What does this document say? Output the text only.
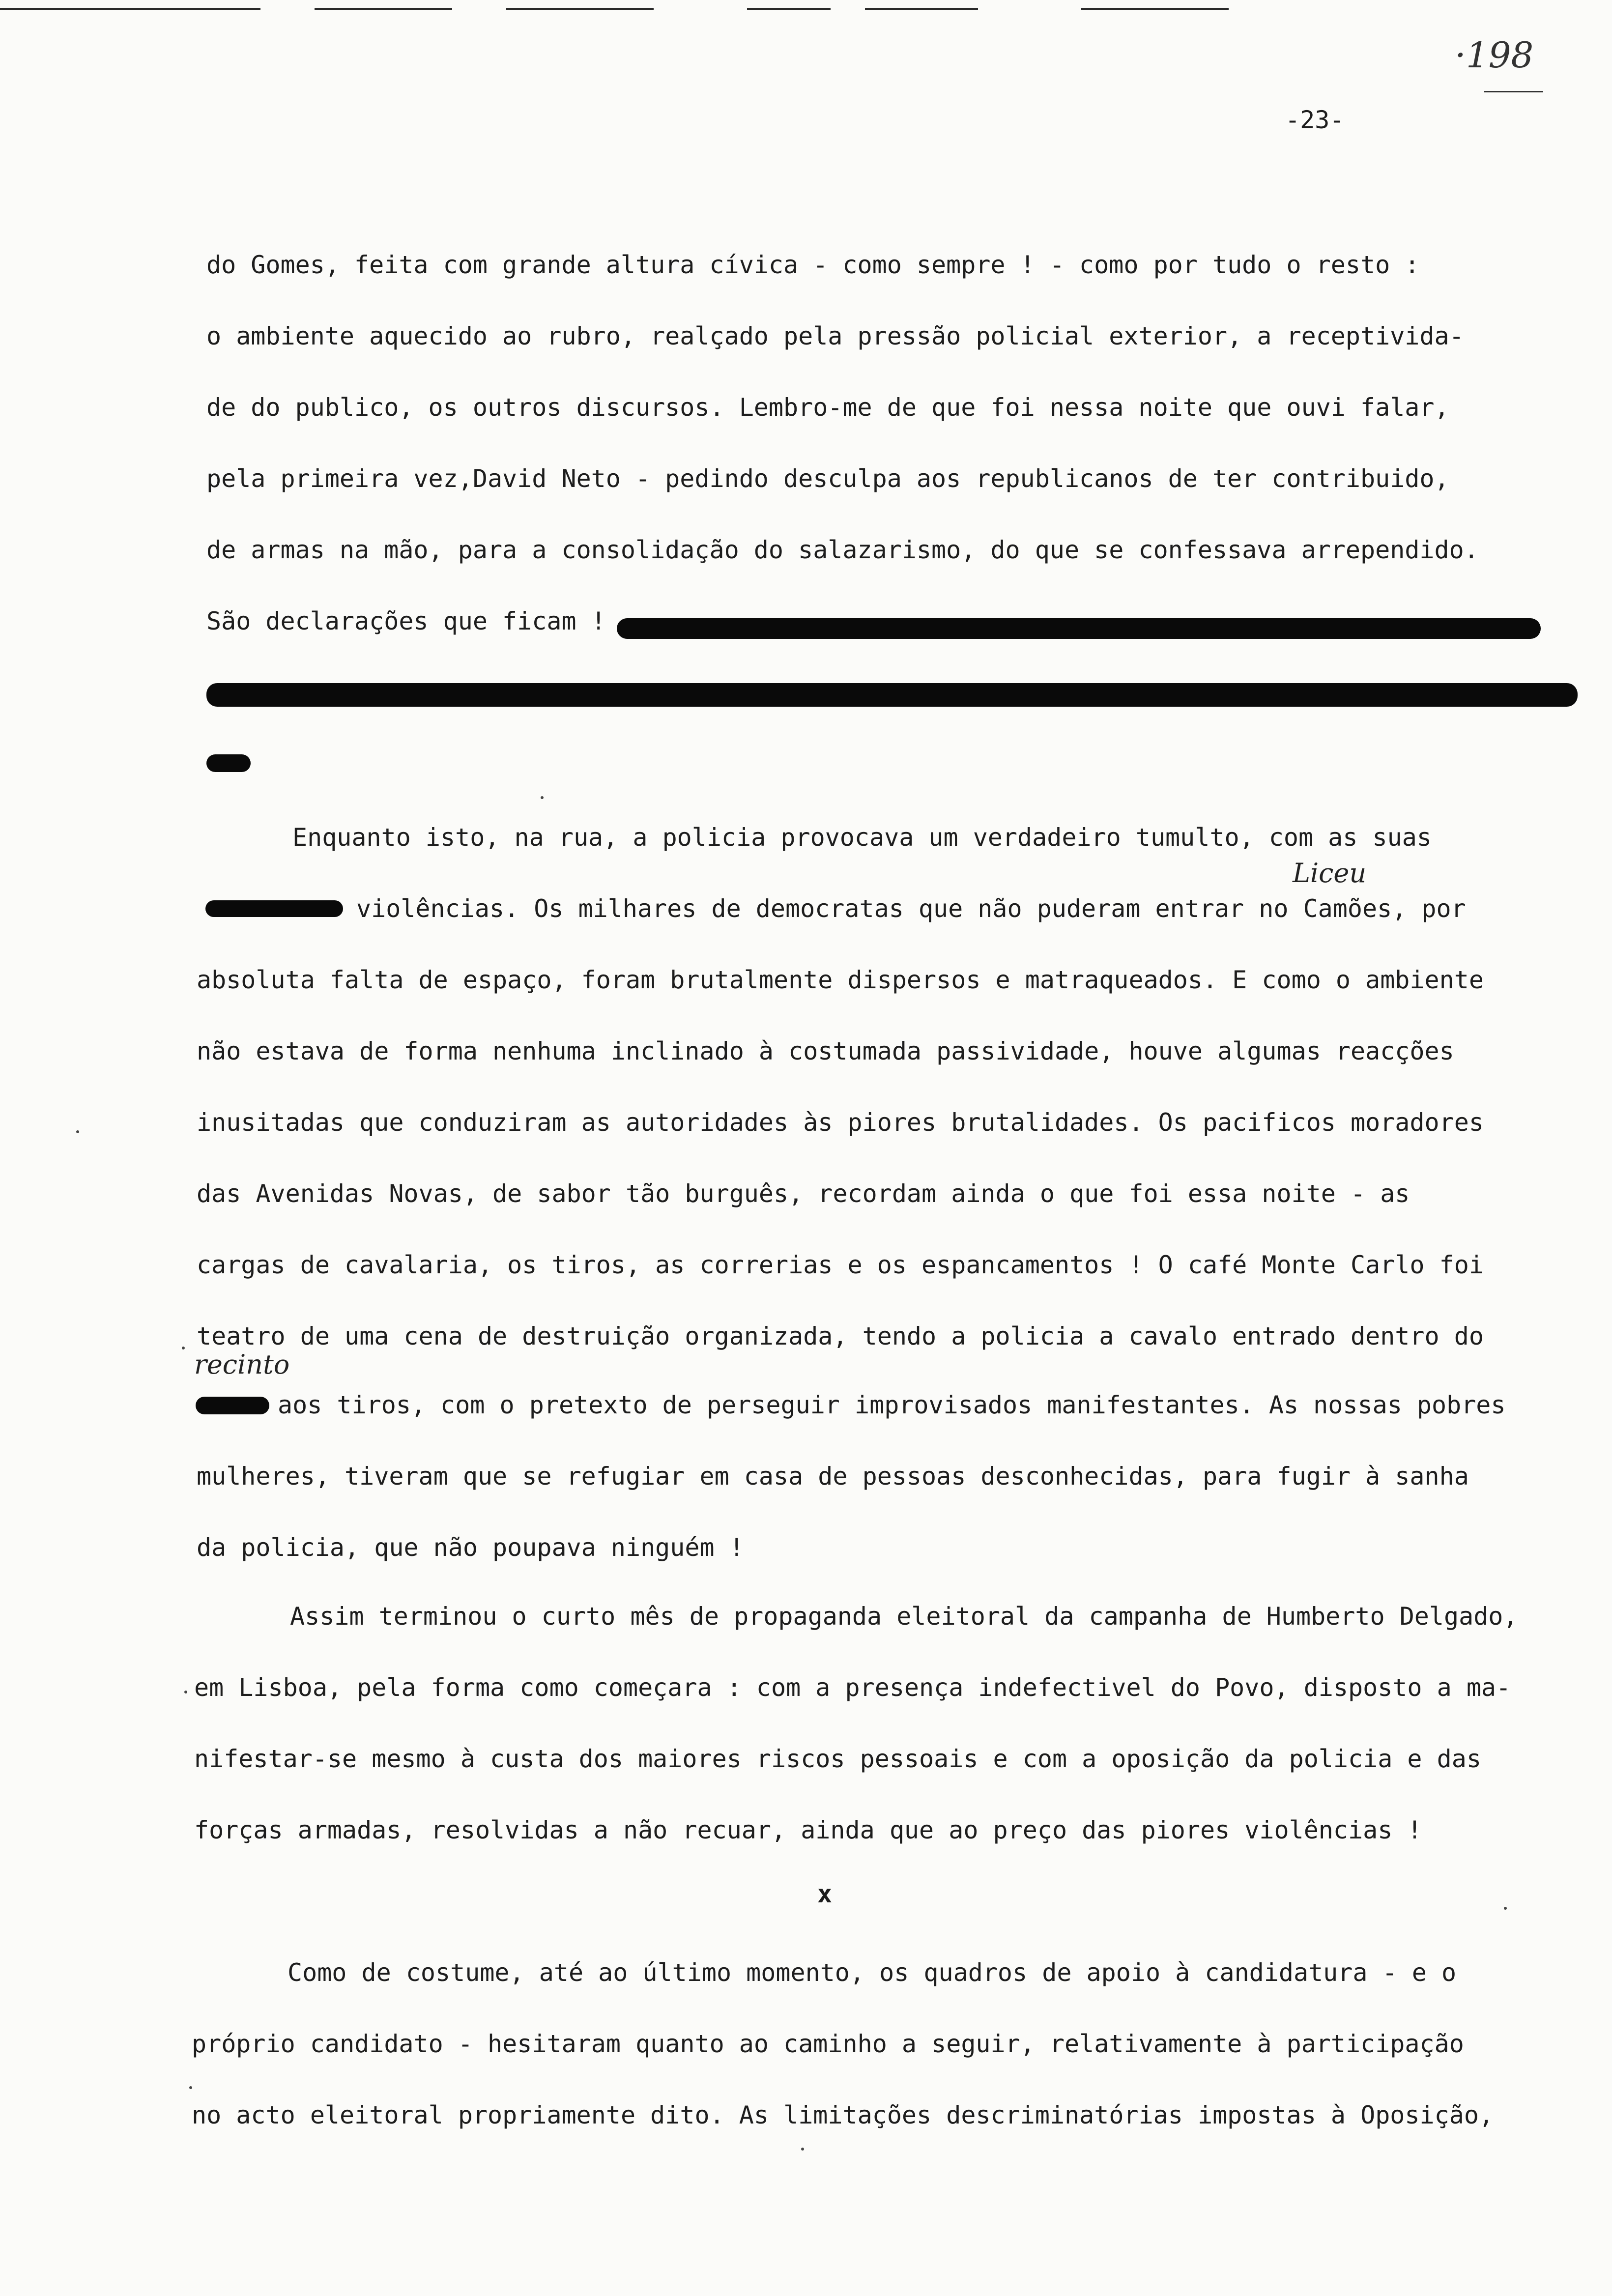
·198
-23-
do Gomes, feita com grande altura cívica - como sempre ! - como por tudo o resto :
o ambiente aquecido ao rubro, realçado pela pressão policial exterior, a receptivida-
de do publico, os outros discursos. Lembro-me de que foi nessa noite que ouvi falar,
pela primeira vez,David Neto - pedindo desculpa aos republicanos de ter contribuido,
de armas na mão, para a consolidação do salazarismo, do que se confessava arrependido.
São declarações que ficam !
Enquanto isto, na rua, a policia provocava um verdadeiro tumulto, com as suas
Liceu
violências. Os milhares de democratas que não puderam entrar no Camões, por
absoluta falta de espaço, foram brutalmente dispersos e matraqueados. E como o ambiente
não estava de forma nenhuma inclinado à costumada passividade, houve algumas reacções
inusitadas que conduziram as autoridades às piores brutalidades. Os pacificos moradores
das Avenidas Novas, de sabor tão burguês, recordam ainda o que foi essa noite - as
cargas de cavalaria, os tiros, as correrias e os espancamentos ! O café Monte Carlo foi
teatro de uma cena de destruição organizada, tendo a policia a cavalo entrado dentro do
recinto
aos tiros, com o pretexto de perseguir improvisados manifestantes. As nossas pobres
mulheres, tiveram que se refugiar em casa de pessoas desconhecidas, para fugir à sanha
da policia, que não poupava ninguém !
Assim terminou o curto mês de propaganda eleitoral da campanha de Humberto Delgado,
em Lisboa, pela forma como começara : com a presença indefectivel do Povo, disposto a ma-
nifestar-se mesmo à custa dos maiores riscos pessoais e com a oposição da policia e das
forças armadas, resolvidas a não recuar, ainda que ao preço das piores violências !
x
Como de costume, até ao último momento, os quadros de apoio à candidatura - e o
próprio candidato - hesitaram quanto ao caminho a seguir, relativamente à participação
no acto eleitoral propriamente dito. As limitações descriminatórias impostas à Oposição,
